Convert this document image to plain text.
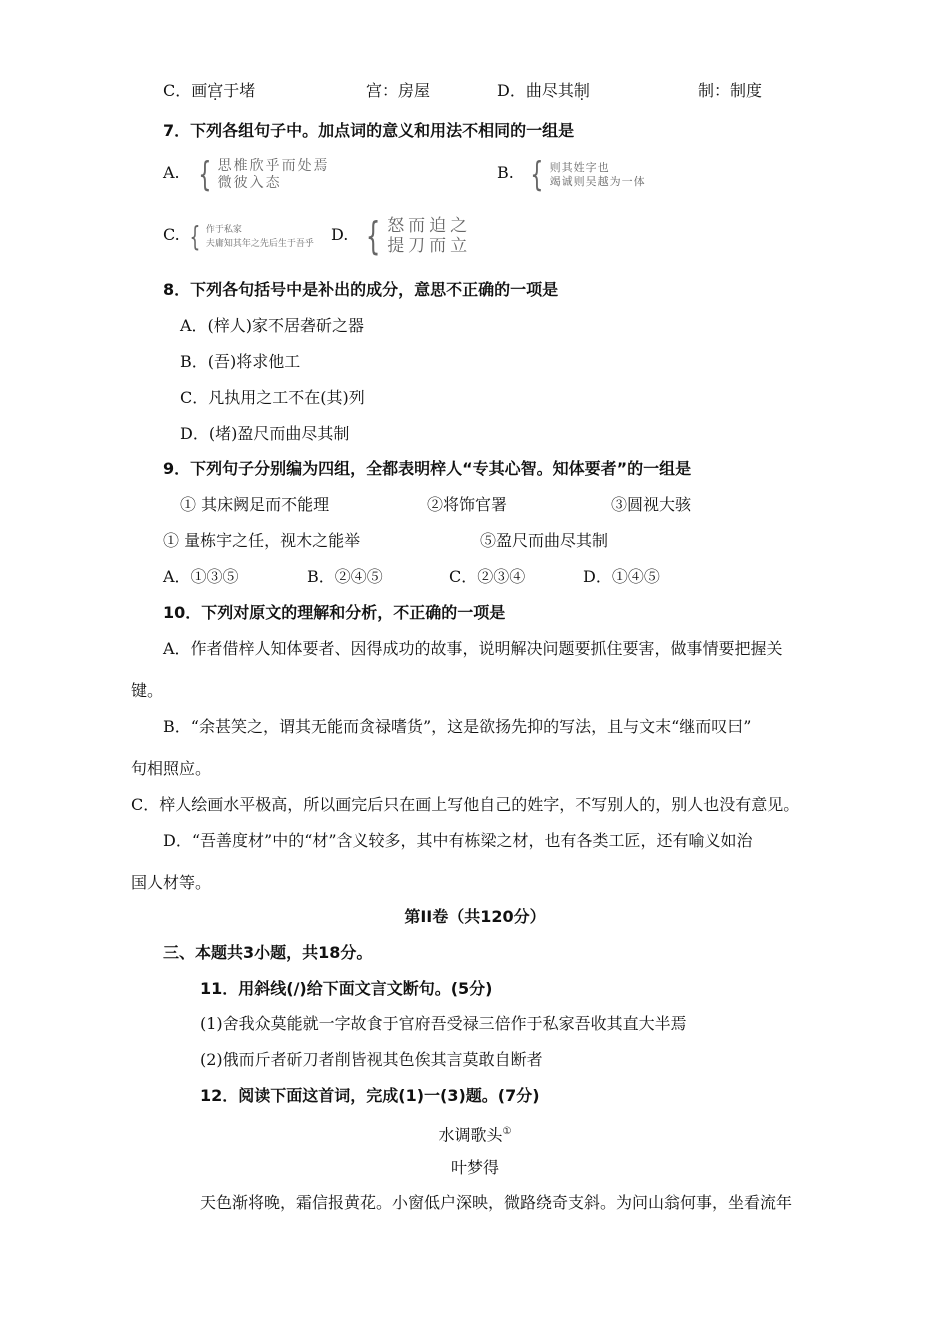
C．画宫于堵	宫：房屋	D．曲尽其制	制：制度
7．下列各组句子中。加点词的意义和用法不相同的一组是
A. { 思椎欣乎而处焉
微彼入态
B. { 则其姓字也
竭诚则吴越为一体
C. { 作于私家
夫庸知其年之先后生于吾乎 D. { 怒而迫之
提刀而立
8．下列各句括号中是补出的成分，意思不正确的一项是
A．(梓人)家不居砻斫之器
B．(吾)将求他工
C．凡执用之工不在(其)列
D．(堵)盈尺而曲尽其制
9．下列句子分别编为四组，全都表明梓人“专其心智。知体要者”的一组是
① 其床阙足而不能理	②将饰官署	③圆视大骇
① 量栋宇之任，视木之能举	⑤盈尺而曲尽其制
A．①③⑤	B．②④⑤	C．②③④	D．①④⑤
10．下列对原文的理解和分析，不正确的一项是
A．作者借梓人知体要者、因得成功的故事，说明解决问题要抓住要害，做事情要把握关
键。
B．“余甚笑之，谓其无能而贪禄嗜货”，这是欲扬先抑的写法，且与文末“继而叹曰”
句相照应。
C．梓人绘画水平极高，所以画完后只在画上写他自己的姓字，不写别人的，别人也没有意见。
D．“吾善度材”中的“材”含义较多，其中有栋梁之材，也有各类工匠，还有喻义如治
国人材等。
第II卷（共120分）
三、本题共3小题，共18分。
11．用斜线(/)给下面文言文断句。(5分)
(1)舍我众莫能就一字故食于官府吾受禄三倍作于私家吾收其直大半焉
(2)俄而斤者斫刀者削皆视其色俟其言莫敢自断者
12．阅读下面这首词，完成(1)一(3)题。(7分)
水调歌头①
叶梦得
天色渐将晚，霜信报黄花。小窗低户深映，微路绕奇支斜。为问山翁何事，坐看流年
